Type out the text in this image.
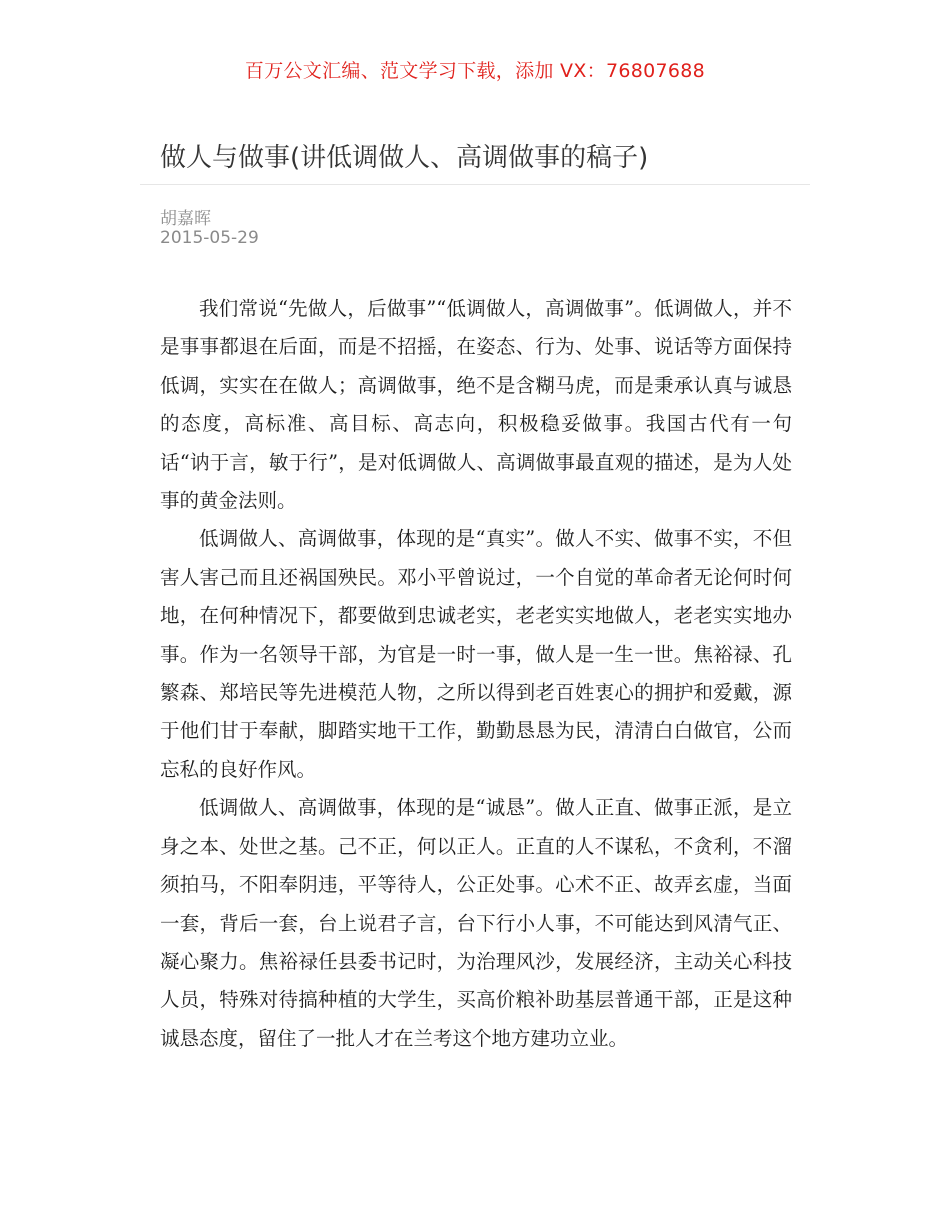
百万公文汇编、范文学习下载，添加 VX：76807688
做人与做事(讲低调做人、高调做事的稿子)
胡嘉晖
2015-05-29

我们常说“先做人，后做事”“低调做人，高调做事”。低调做人，并不是事事都退在后面，而是不招摇，在姿态、行为、处事、说话等方面保持低调，实实在在做人；高调做事，绝不是含糊马虎，而是秉承认真与诚恳的态度，高标准、高目标、高志向，积极稳妥做事。我国古代有一句话“讷于言，敏于行”，是对低调做人、高调做事最直观的描述，是为人处事的黄金法则。

低调做人、高调做事，体现的是“真实”。做人不实、做事不实，不但害人害己而且还祸国殃民。邓小平曾说过，一个自觉的革命者无论何时何地，在何种情况下，都要做到忠诚老实，老老实实地做人，老老实实地办事。作为一名领导干部，为官是一时一事，做人是一生一世。焦裕禄、孔繁森、郑培民等先进模范人物，之所以得到老百姓衷心的拥护和爱戴，源于他们甘于奉献，脚踏实地干工作，勤勤恳恳为民，清清白白做官，公而忘私的良好作风。

低调做人、高调做事，体现的是“诚恳”。做人正直、做事正派，是立身之本、处世之基。己不正，何以正人。正直的人不谋私，不贪利，不溜须拍马，不阳奉阴违，平等待人，公正处事。心术不正、故弄玄虚，当面一套，背后一套，台上说君子言，台下行小人事，不可能达到风清气正、凝心聚力。焦裕禄任县委书记时，为治理风沙，发展经济，主动关心科技人员，特殊对待搞种植的大学生，买高价粮补助基层普通干部，正是这种诚恳态度，留住了一批人才在兰考这个地方建功立业。
